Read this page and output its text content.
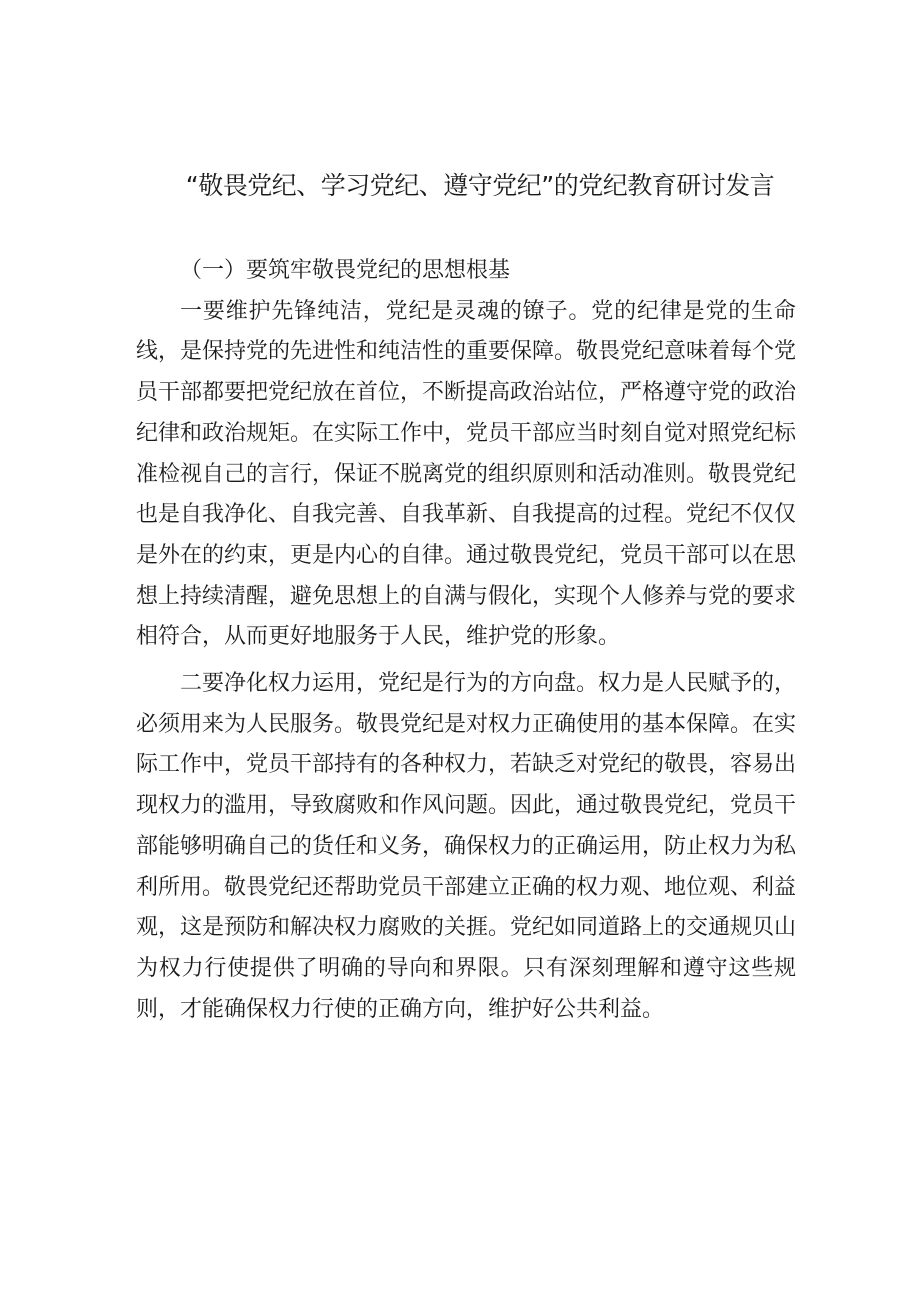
“敬畏党纪、学习党纪、遵守党纪”的党纪教育研讨发言

（一）要筑牢敬畏党纪的思想根基

一要维护先锋纯洁，党纪是灵魂的镣子。党的纪律是党的生命线，是保持党的先进性和纯洁性的重要保障。敬畏党纪意味着每个党员干部都要把党纪放在首位，不断提高政治站位，严格遵守党的政治纪律和政治规矩。在实际工作中，党员干部应当时刻自觉对照党纪标准检视自己的言行，保证不脱离党的组织原则和活动准则。敬畏党纪也是自我净化、自我完善、自我革新、自我提高的过程。党纪不仅仅是外在的约束，更是内心的自律。通过敬畏党纪，党员干部可以在思想上持续清醒，避免思想上的自满与假化，实现个人修养与党的要求相符合，从而更好地服务于人民，维护党的形象。

二要净化权力运用，党纪是行为的方向盘。权力是人民赋予的，必须用来为人民服务。敬畏党纪是对权力正确使用的基本保障。在实际工作中，党员干部持有的各种权力，若缺乏对党纪的敬畏，容易出现权力的滥用，导致腐败和作风问题。因此，通过敬畏党纪，党员干部能够明确自己的货任和义务，确保权力的正确运用，防止权力为私利所用。敬畏党纪还帮助党员干部建立正确的权力观、地位观、利益观，这是预防和解决权力腐败的关捱。党纪如同道路上的交通规贝山为权力行使提供了明确的导向和界限。只有深刻理解和遵守这些规则，才能确保权力行使的正确方向，维护好公共利益。
